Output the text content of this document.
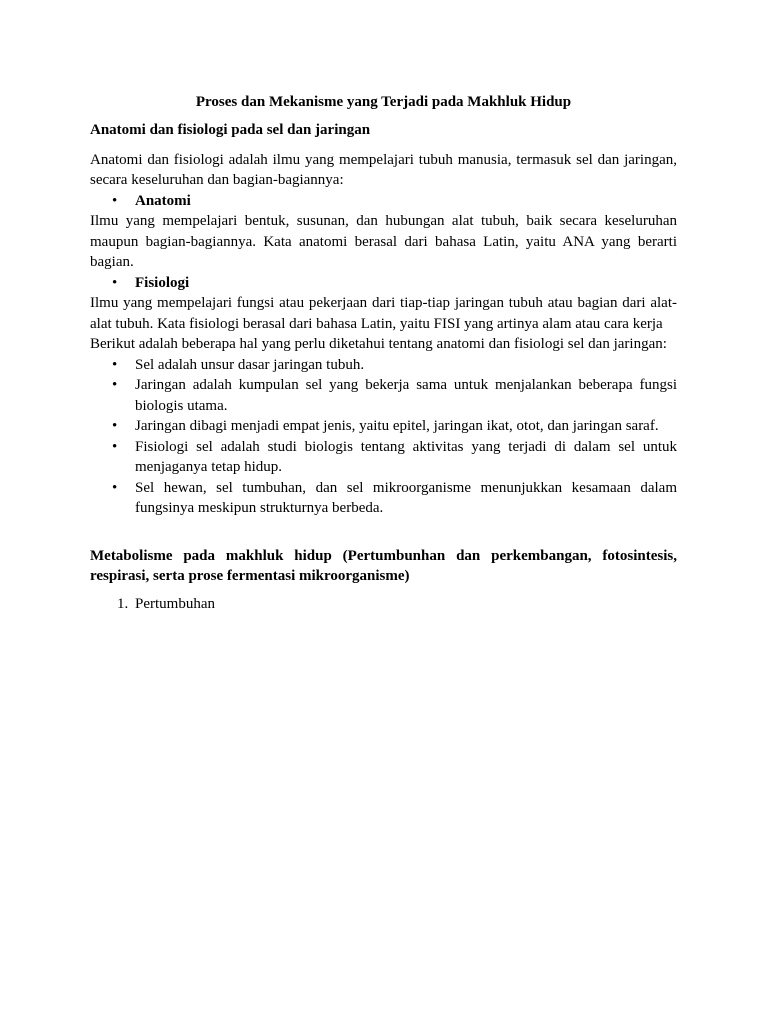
Proses dan Mekanisme yang Terjadi pada Makhluk Hidup

Anatomi dan fisiologi pada sel dan jaringan

Anatomi dan fisiologi adalah ilmu yang mempelajari tubuh manusia, termasuk sel dan jaringan, secara keseluruhan dan bagian-bagiannya:

•	Anatomi

Ilmu yang mempelajari bentuk, susunan, dan hubungan alat tubuh, baik secara keseluruhan maupun bagian-bagiannya. Kata anatomi berasal dari bahasa Latin, yaitu ANA yang berarti bagian.

•	Fisiologi

Ilmu yang mempelajari fungsi atau pekerjaan dari tiap-tiap jaringan tubuh atau bagian dari alat-alat tubuh. Kata fisiologi berasal dari bahasa Latin, yaitu FISI yang artinya alam atau cara kerja

Berikut adalah beberapa hal yang perlu diketahui tentang anatomi dan fisiologi sel dan jaringan:

•	Sel adalah unsur dasar jaringan tubuh.
•	Jaringan adalah kumpulan sel yang bekerja sama untuk menjalankan beberapa fungsi biologis utama.
•	Jaringan dibagi menjadi empat jenis, yaitu epitel, jaringan ikat, otot, dan jaringan saraf.
•	Fisiologi sel adalah studi biologis tentang aktivitas yang terjadi di dalam sel untuk menjaganya tetap hidup.
•	Sel hewan, sel tumbuhan, dan sel mikroorganisme menunjukkan kesamaan dalam fungsinya meskipun strukturnya berbeda.

Metabolisme pada makhluk hidup (Pertumbunhan dan perkembangan, fotosintesis, respirasi, serta prose fermentasi mikroorganisme)

1. Pertumbuhan
